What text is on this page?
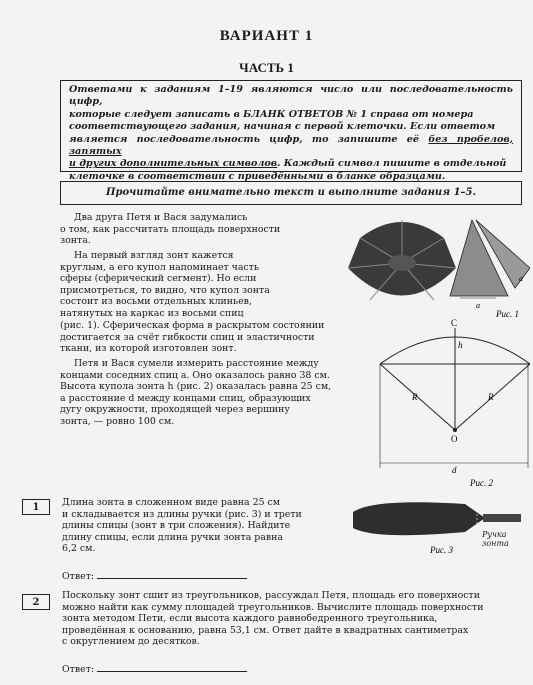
ВАРИАНТ 1
ЧАСТЬ 1
Ответами к заданиям 1–19 являются число или последовательность цифр,
которые следует записать в БЛАНК ОТВЕТОВ № 1 справа от номера
соответствующего задания, начиная с первой клеточки. Если ответом
является последовательность цифр, то запишите её без пробелов, запятых
и других дополнительных символов. Каждый символ пишите в отдельной
клеточке в соответствии с приведёнными в бланке образцами.
Прочитайте внимательно текст и выполните задания 1–5.
Два друга Петя и Вася задумались
о том, как рассчитать площадь поверхности
зонта.
На первый взгляд зонт кажется
круглым, а его купол напоминает часть
сферы (сферический сегмент). Но если
присмотреться, то видно, что купол зонта
состоит из восьми отдельных клиньев,
натянутых на каркас из восьми спиц
(рис. 1). Сферическая форма в раскрытом состоянии
достигается за счёт гибкости спиц и эластичности
ткани, из которой изготовлен зонт.
Петя и Вася сумели измерить расстояние между
концами соседних спиц a. Оно оказалось равно 38 см.
Высота купола зонта h (рис. 2) оказалась равна 25 см,
а расстояние d между концами спиц, образующих
дугу окружности, проходящей через вершину
зонта, — ровно 100 см.
a
a
Рис. 1
C
h
R	R
O
d
Рис. 2
1	Длина зонта в сложенном виде равна 25 см
и складывается из длины ручки (рис. 3) и трети
длины спицы (зонт в три сложения). Найдите
длину спицы, если длина ручки зонта равна
6,2 см.
Ответ:
Рис. 3
Ручка
зонта
2
Поскольку зонт сшит из треугольников, рассуждал Петя, площадь его поверхности
можно найти как сумму площадей треугольников. Вычислите площадь поверхности
зонта методом Пети, если высота каждого равнобедренного треугольника,
проведённая к основанию, равна 53,1 см. Ответ дайте в квадратных сантиметрах
с округлением до десятков.
Ответ:
